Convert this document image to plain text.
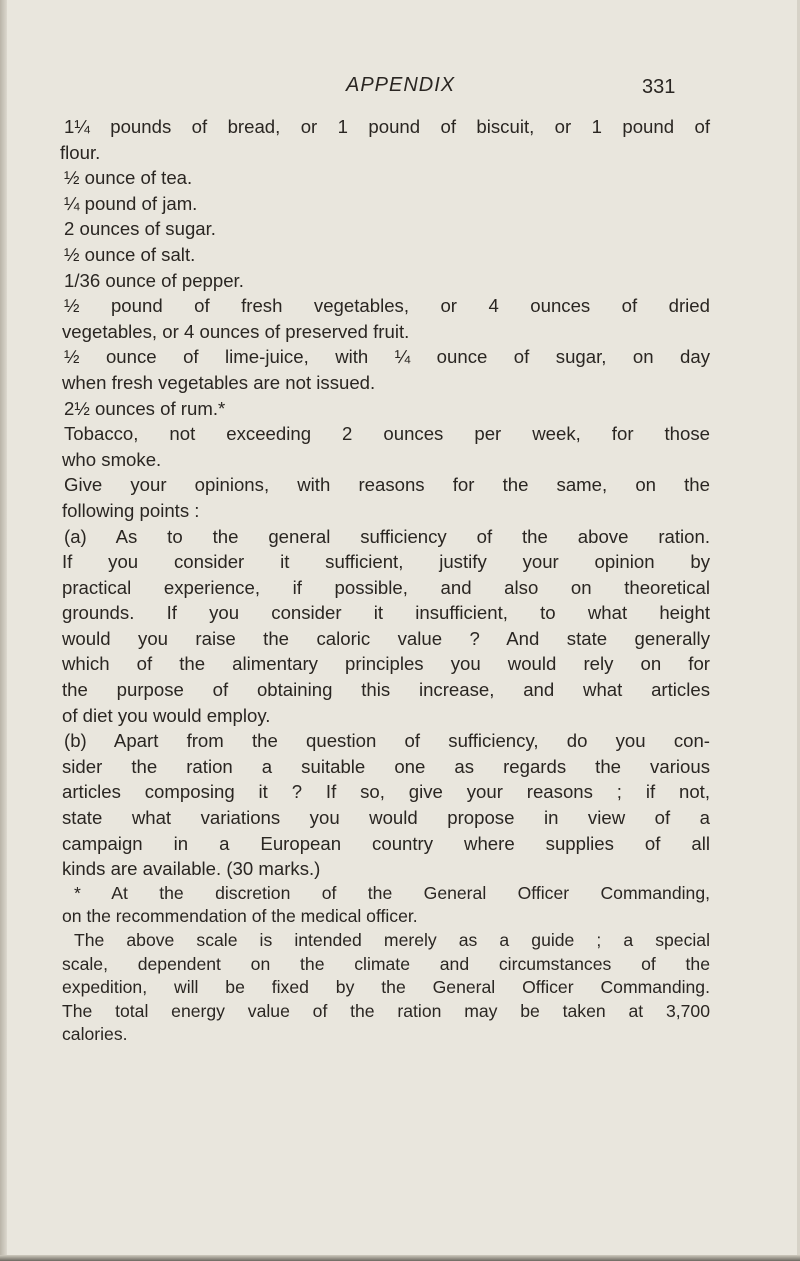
APPENDIX	331

1¼ pounds of bread, or 1 pound of biscuit, or 1 pound of
flour.

½ ounce of tea.

¼ pound of jam.

2 ounces of sugar.

½ ounce of salt.

1/36 ounce of pepper.

½ pound of fresh vegetables, or 4 ounces of dried
vegetables, or 4 ounces of preserved fruit.

½ ounce of lime-juice, with ¼ ounce of sugar, on day
when fresh vegetables are not issued.

2½ ounces of rum.*

Tobacco, not exceeding 2 ounces per week, for those
who smoke.

Give your opinions, with reasons for the same, on the
following points :

(a) As to the general sufficiency of the above ration.
If you consider it sufficient, justify your opinion by
practical experience, if possible, and also on theoretical
grounds. If you consider it insufficient, to what height
would you raise the caloric value ? And state generally
which of the alimentary principles you would rely on for
the purpose of obtaining this increase, and what articles
of diet you would employ.

(b) Apart from the question of sufficiency, do you con-
sider the ration a suitable one as regards the various
articles composing it ? If so, give your reasons ; if not,
state what variations you would propose in view of a
campaign in a European country where supplies of all
kinds are available. (30 marks.)

* At the discretion of the General Officer Commanding,
on the recommendation of the medical officer.

The above scale is intended merely as a guide ; a special
scale, dependent on the climate and circumstances of the
expedition, will be fixed by the General Officer Commanding.
The total energy value of the ration may be taken at 3,700
calories.
